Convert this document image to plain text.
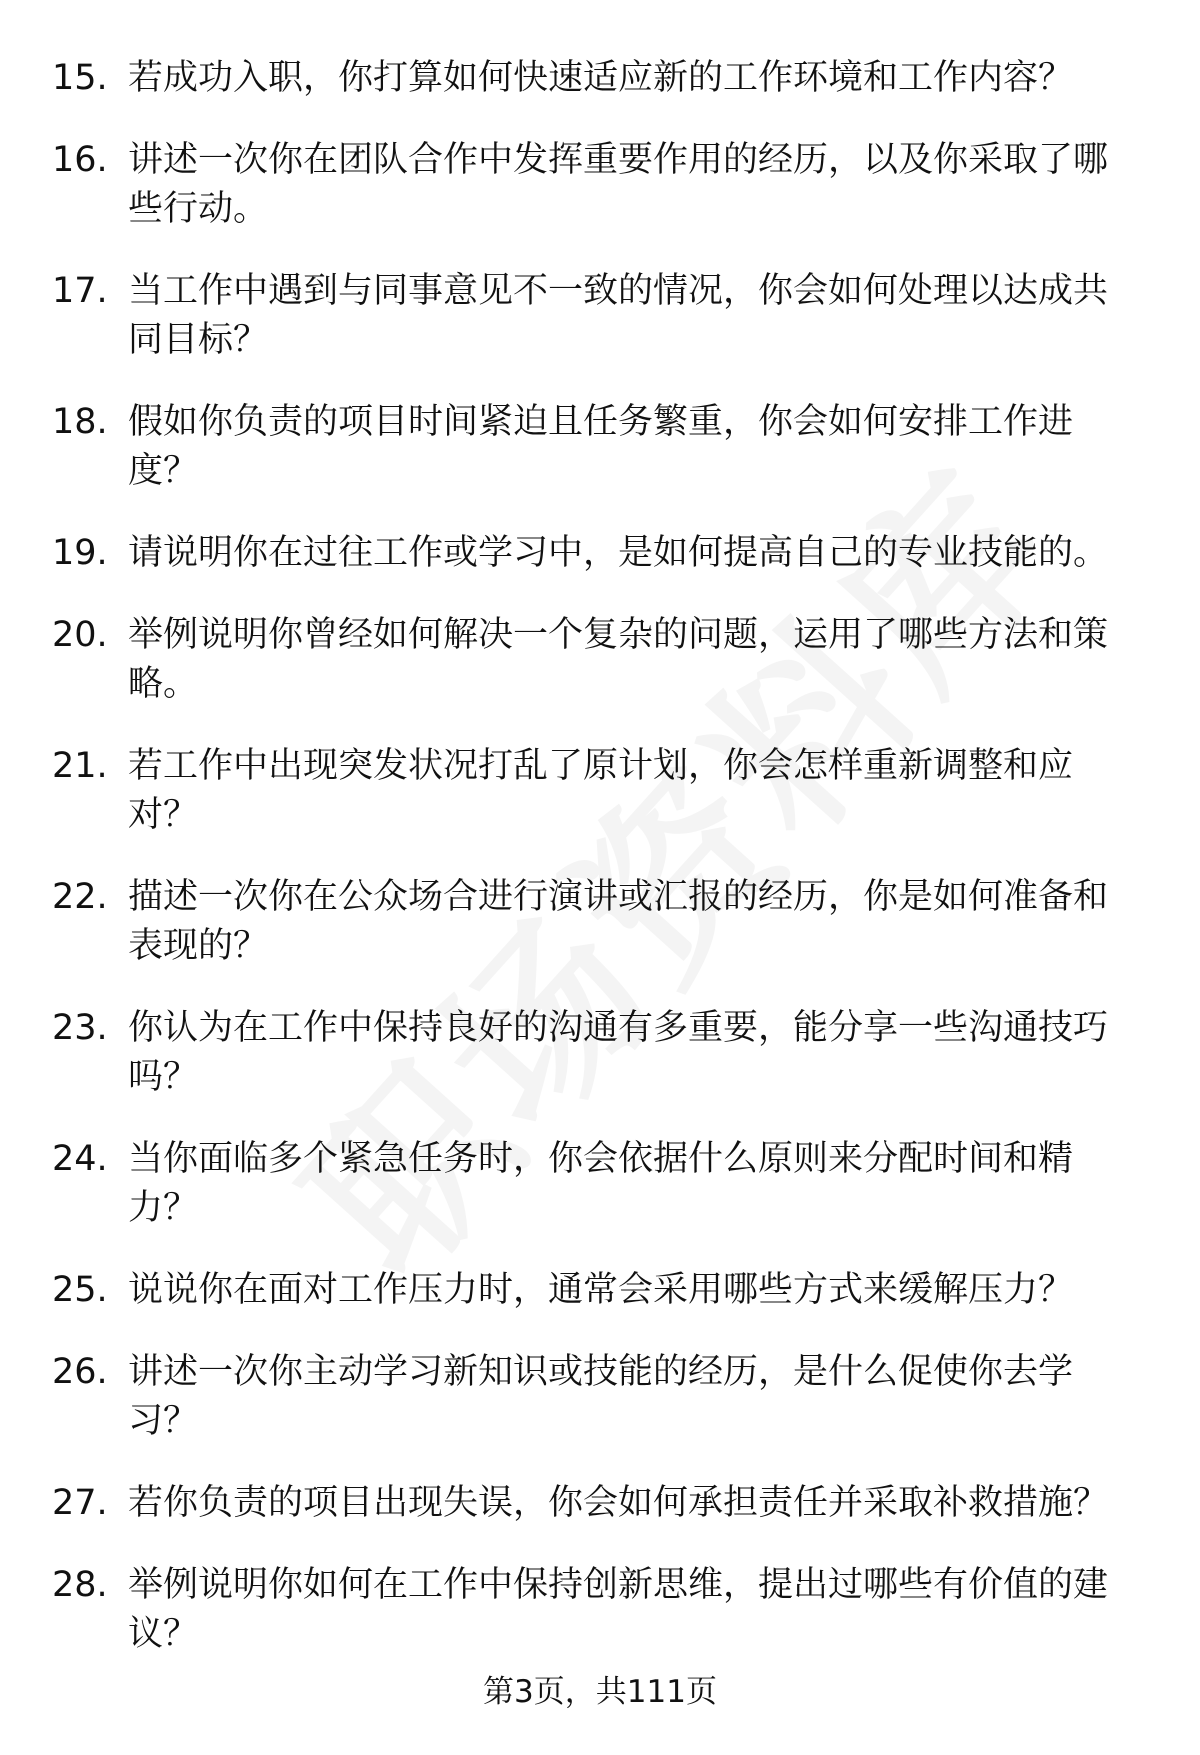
15. 若成功入职，你打算如何快速适应新的工作环境和工作内容？
16. 讲述一次你在团队合作中发挥重要作用的经历，以及你采取了哪些行动。
17. 当工作中遇到与同事意见不一致的情况，你会如何处理以达成共同目标？
18. 假如你负责的项目时间紧迫且任务繁重，你会如何安排工作进度？
19. 请说明你在过往工作或学习中，是如何提高自己的专业技能的。
20. 举例说明你曾经如何解决一个复杂的问题，运用了哪些方法和策略。
21. 若工作中出现突发状况打乱了原计划，你会怎样重新调整和应对？
22. 描述一次你在公众场合进行演讲或汇报的经历，你是如何准备和表现的？
23. 你认为在工作中保持良好的沟通有多重要，能分享一些沟通技巧吗？
24. 当你面临多个紧急任务时，你会依据什么原则来分配时间和精力？
25. 说说你在面对工作压力时，通常会采用哪些方式来缓解压力？
26. 讲述一次你主动学习新知识或技能的经历，是什么促使你去学习？
27. 若你负责的项目出现失误，你会如何承担责任并采取补救措施？
28. 举例说明你如何在工作中保持创新思维，提出过哪些有价值的建议？
第3页，共111页
